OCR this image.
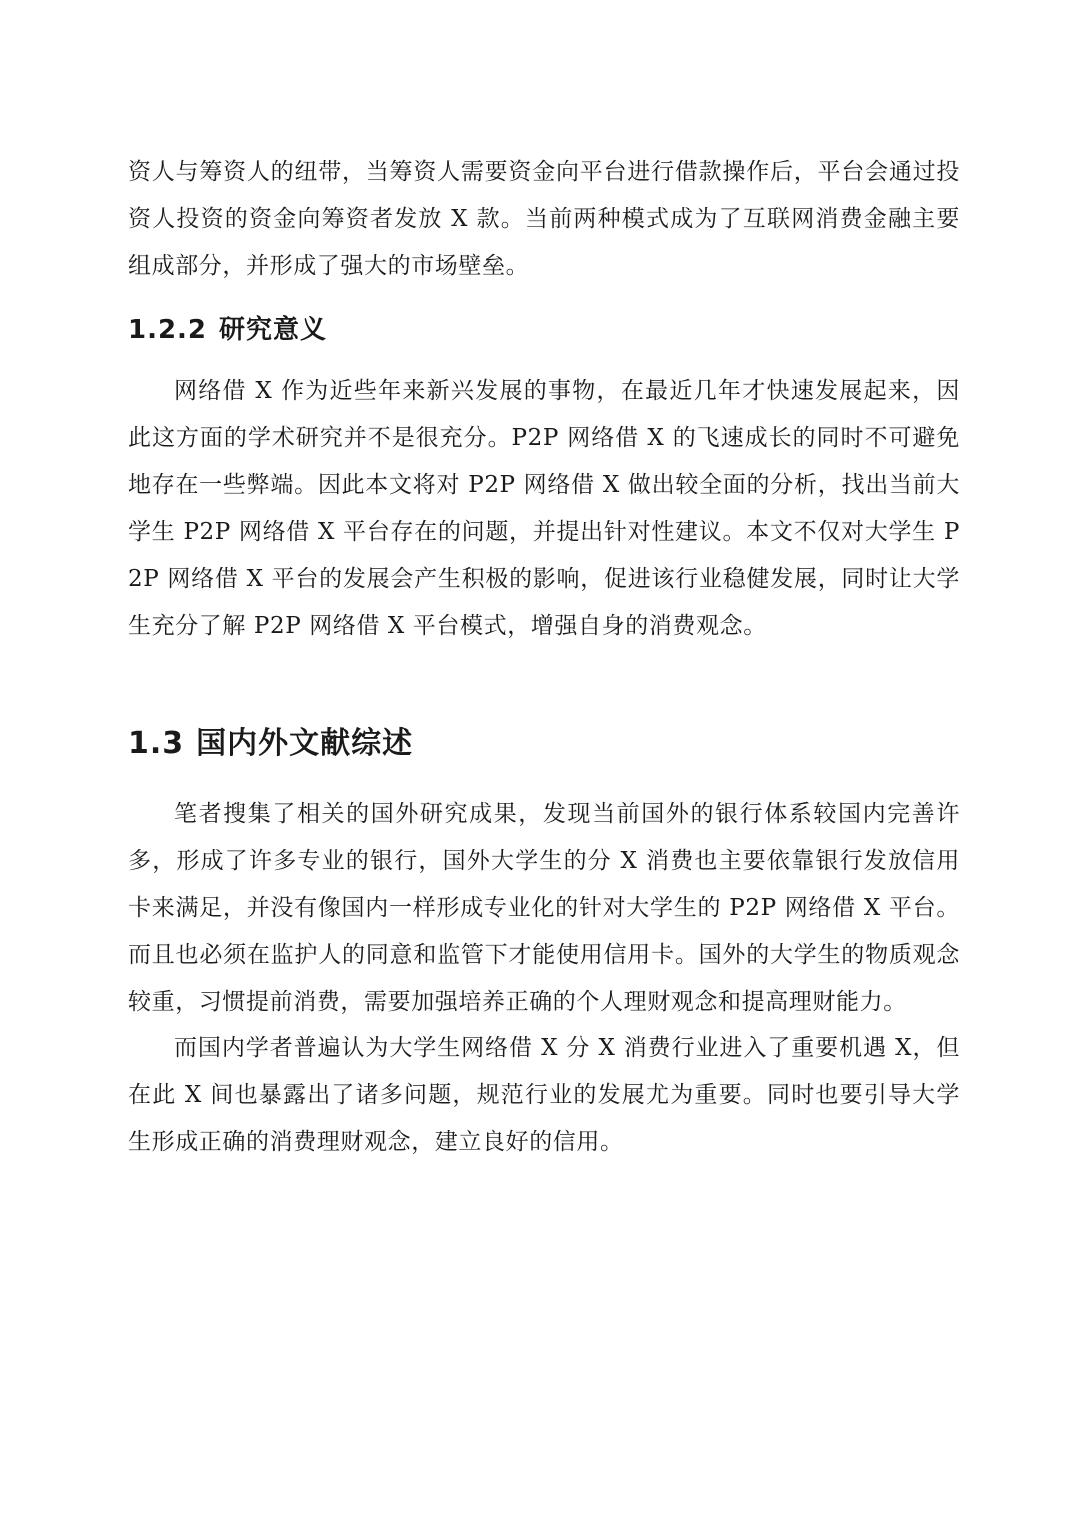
资人与筹资人的纽带，当筹资人需要资金向平台进行借款操作后，平台会通过投资人投资的资金向筹资者发放 X 款。当前两种模式成为了互联网消费金融主要组成部分，并形成了强大的市场壁垒。

1.2.2 研究意义

网络借 X 作为近些年来新兴发展的事物，在最近几年才快速发展起来，因此这方面的学术研究并不是很充分。P2P 网络借 X 的飞速成长的同时不可避免地存在一些弊端。因此本文将对 P2P 网络借 X 做出较全面的分析，找出当前大学生 P2P 网络借 X 平台存在的问题，并提出针对性建议。本文不仅对大学生 P2P 网络借 X 平台的发展会产生积极的影响，促进该行业稳健发展，同时让大学生充分了解 P2P 网络借 X 平台模式，增强自身的消费观念。

1.3 国内外文献综述

笔者搜集了相关的国外研究成果，发现当前国外的银行体系较国内完善许多，形成了许多专业的银行，国外大学生的分 X 消费也主要依靠银行发放信用卡来满足，并没有像国内一样形成专业化的针对大学生的 P2P 网络借 X 平台。而且也必须在监护人的同意和监管下才能使用信用卡。国外的大学生的物质观念较重，习惯提前消费，需要加强培养正确的个人理财观念和提高理财能力。

而国内学者普遍认为大学生网络借 X 分 X 消费行业进入了重要机遇 X，但在此 X 间也暴露出了诸多问题，规范行业的发展尤为重要。同时也要引导大学生形成正确的消费理财观念，建立良好的信用。
